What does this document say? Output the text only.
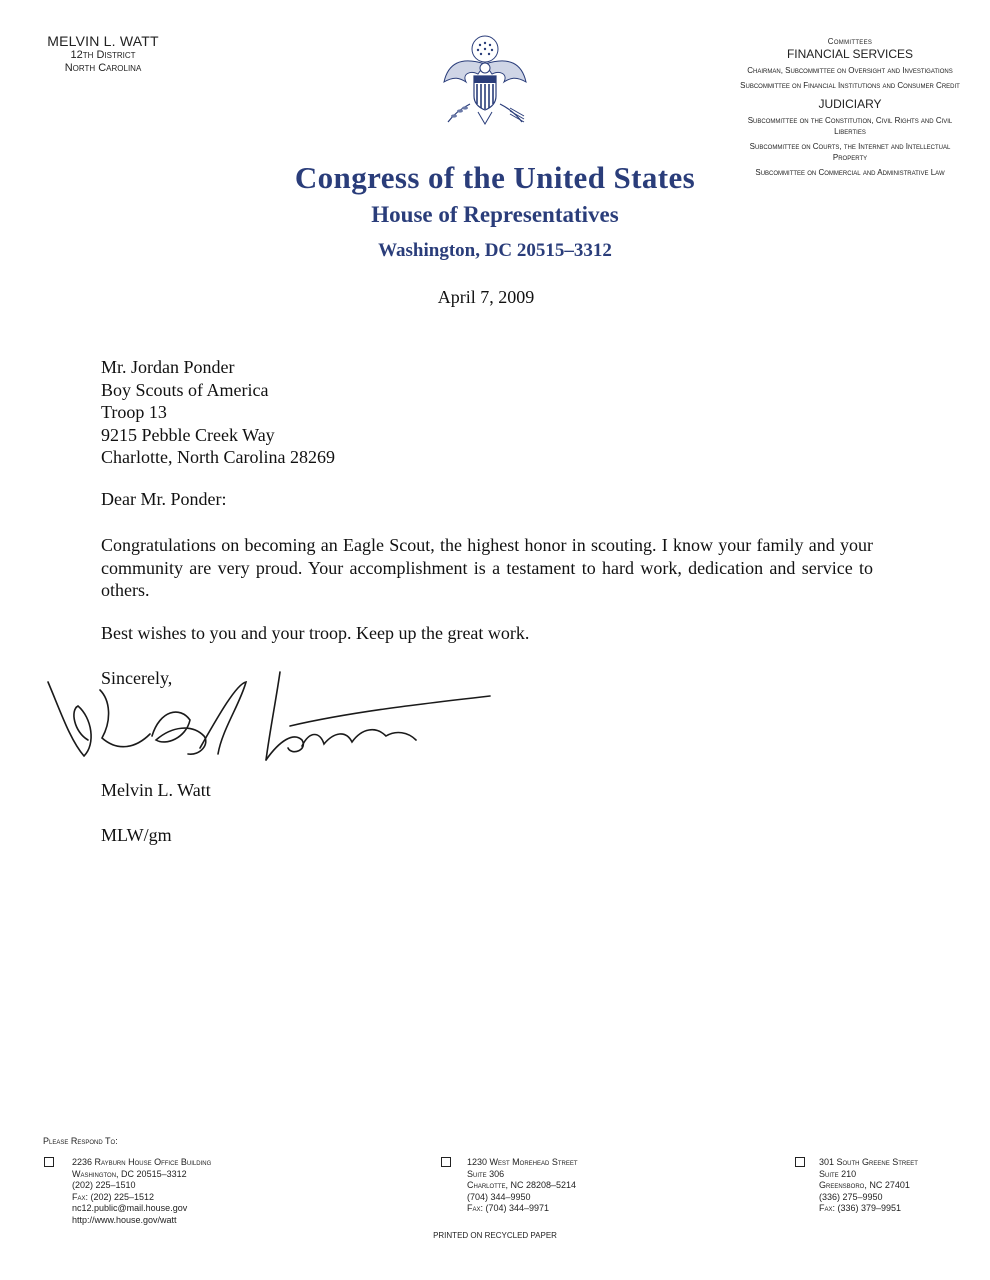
MELVIN L. WATT
12th District
North Carolina
Congress of the United States
House of Representatives
Washington, DC 20515–3312
Committees
FINANCIAL SERVICES
Chairman, Subcommittee on Oversight and Investigations
Subcommittee on Financial Institutions and Consumer Credit
JUDICIARY
Subcommittee on the Constitution, Civil Rights and Civil Liberties
Subcommittee on Courts, the Internet and Intellectual Property
Subcommittee on Commercial and Administrative Law
April 7, 2009
Mr. Jordan Ponder
Boy Scouts of America
Troop 13
9215 Pebble Creek Way
Charlotte, North Carolina 28269
Dear Mr. Ponder:
Congratulations on becoming an Eagle Scout, the highest honor in scouting. I know your family and your community are very proud. Your accomplishment is a testament to hard work, dedication and service to others.
Best wishes to you and your troop. Keep up the great work.
Sincerely,
Melvin L. Watt
MLW/gm
Please Respond To:
2236 Rayburn House Office Building
Washington, DC 20515–3312
(202) 225–1510
Fax: (202) 225–1512
nc12.public@mail.house.gov
http://www.house.gov/watt
1230 West Morehead Street
Suite 306
Charlotte, NC 28208–5214
(704) 344–9950
Fax: (704) 344–9971
301 South Greene Street
Suite 210
Greensboro, NC 27401
(336) 275–9950
Fax: (336) 379–9951
PRINTED ON RECYCLED PAPER
